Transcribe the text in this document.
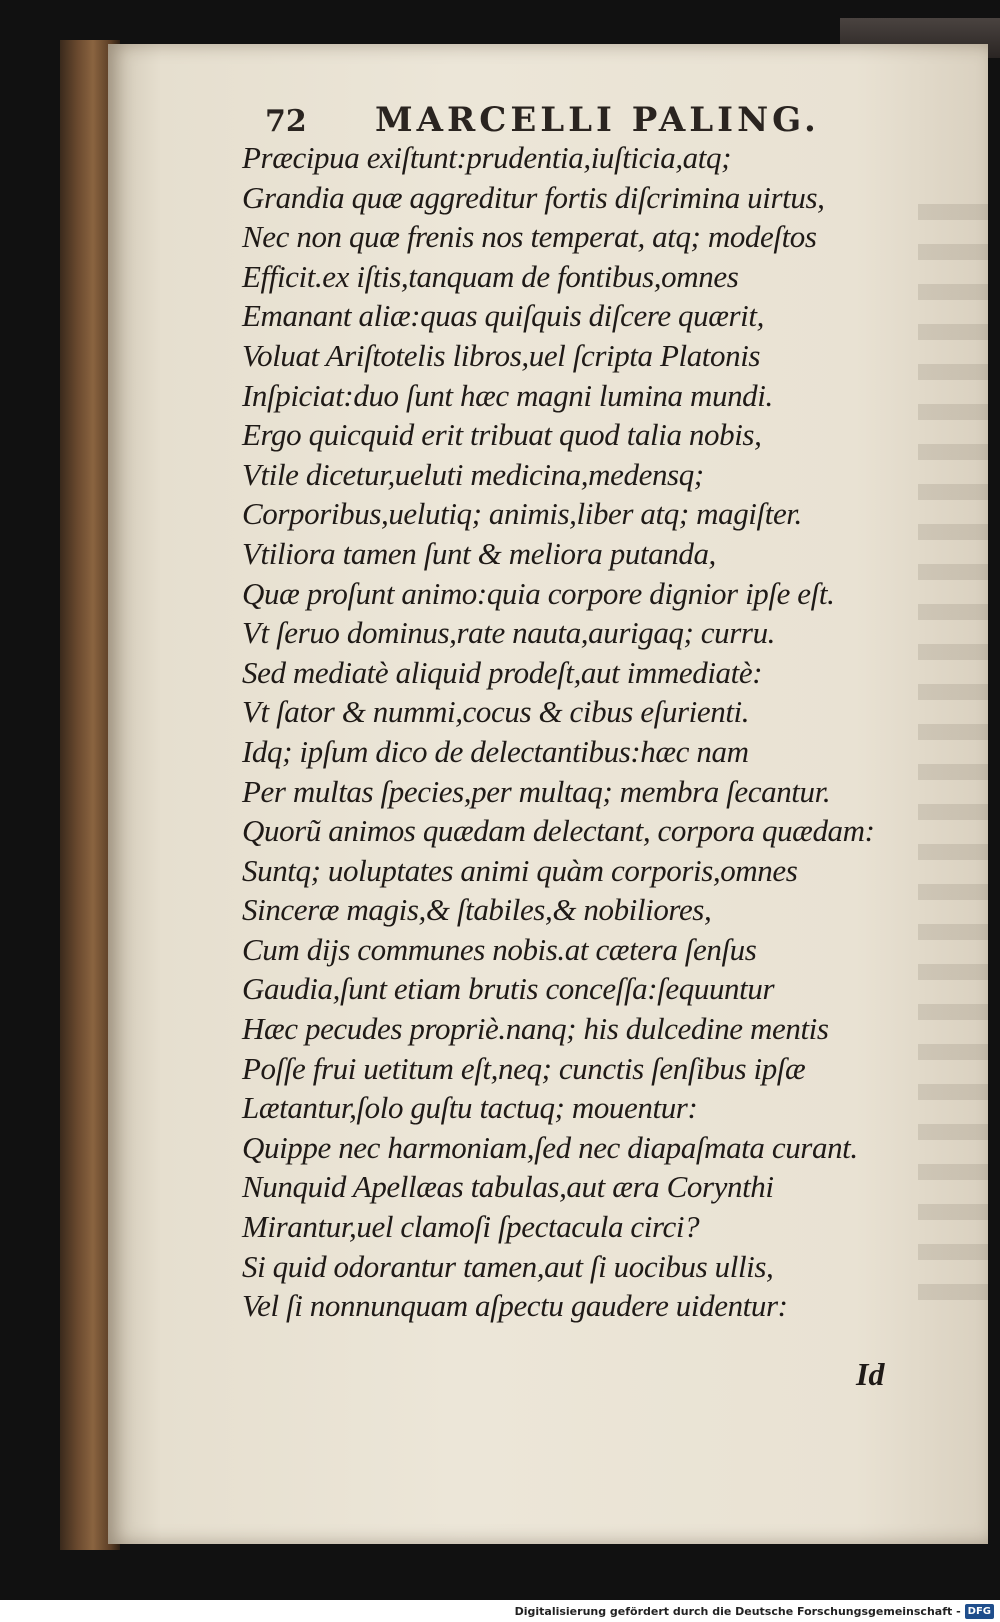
72	MARCELLI PALING.
Præcipua exiſtunt:prudentia,iuſticia,atq;
Grandia quæ aggreditur fortis diſcrimina uirtus,
Nec non quæ frenis nos temperat, atq; modeſtos
Efficit.ex iſtis,tanquam de fontibus,omnes
Emanant aliæ:quas quiſquis diſcere quærit,
Voluat Ariſtotelis libros,uel ſcripta Platonis
Inſpiciat:duo ſunt hæc magni lumina mundi.
Ergo quicquid erit tribuat quod talia nobis,
Vtile dicetur,ueluti medicina,medensq;
Corporibus,uelutiq; animis,liber atq; magiſter.
Vtiliora tamen ſunt & meliora putanda,
Quæ proſunt animo:quia corpore dignior ipſe eſt.
Vt ſeruo dominus,rate nauta,aurigaq; curru.
Sed mediatè aliquid prodeſt,aut immediatè:
Vt ſator & nummi,cocus & cibus eſurienti.
Idq; ipſum dico de delectantibus:hæc nam
Per multas ſpecies,per multaq; membra ſecantur.
Quorũ animos quædam delectant, corpora quædam:
Suntq; uoluptates animi quàm corporis,omnes
Sinceræ magis,& ſtabiles,& nobiliores,
Cum dijs communes nobis.at cætera ſenſus
Gaudia,ſunt etiam brutis conceſſa:ſequuntur
Hæc pecudes propriè.nanq; his dulcedine mentis
Poſſe frui uetitum eſt,neq; cunctis ſenſibus ipſæ
Lætantur,ſolo guſtu tactuq; mouentur:
Quippe nec harmoniam,ſed nec diapaſmata curant.
Nunquid Apellæas tabulas,aut æra Corynthi
Mirantur,uel clamoſi ſpectacula circi?
Si quid odorantur tamen,aut ſi uocibus ullis,
Vel ſi nonnunquam aſpectu gaudere uidentur:
Id
Digitalisierung gefördert durch die Deutsche Forschungsgemeinschaft - DFG
